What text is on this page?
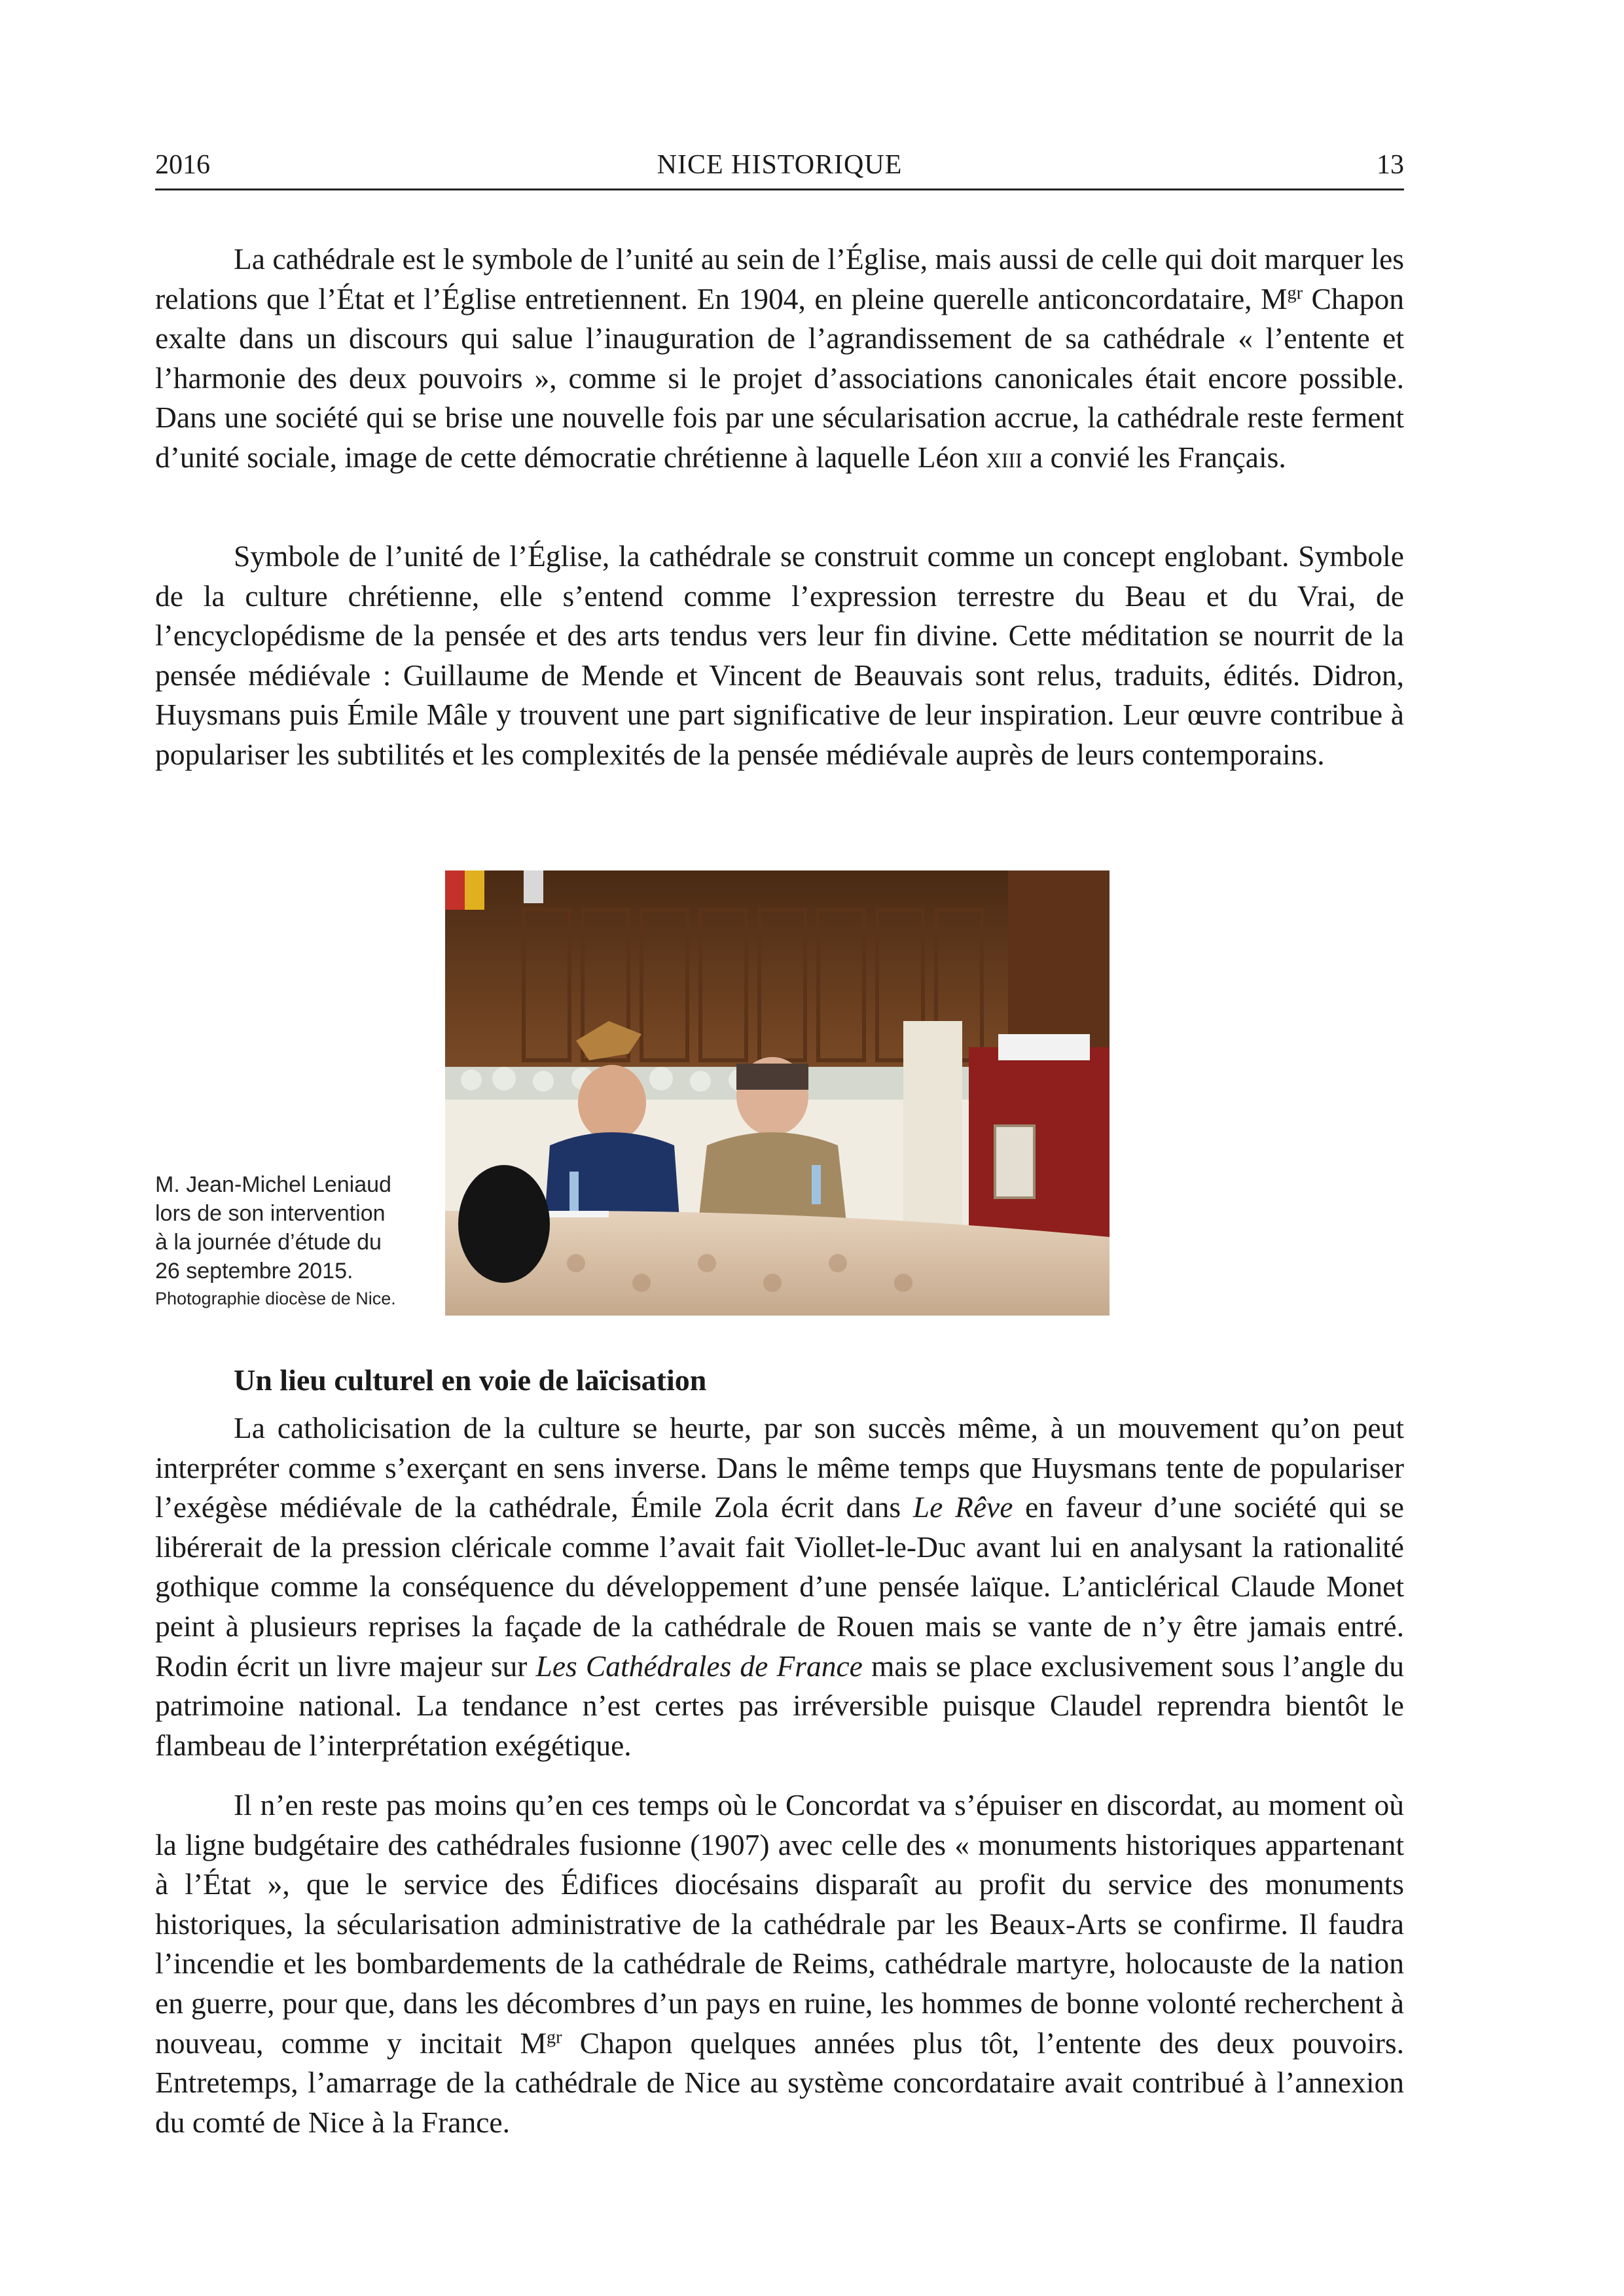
NICE HISTORIQUE
2016	13

La cathédrale est le symbole de l’unité au sein de l’Église, mais aussi de celle qui doit marquer les relations que l’État et l’Église entretiennent. En 1904, en pleine querelle anticoncordataire, $M^{gr}$ Chapon exalte dans un discours qui salue l’inauguration de l’agrandissement de sa cathédrale « l’entente et l’harmonie des deux pouvoirs », comme si le projet d’associations canonicales était encore possible. Dans une société qui se brise une nouvelle fois par une sécularisation accrue, la cathédrale reste ferment d’unité sociale, image de cette démocratie chrétienne à laquelle Léon xiii a convié les Français.

Symbole de l’unité de l’Église, la cathédrale se construit comme un concept englobant. Symbole de la culture chrétienne, elle s’entend comme l’expression terrestre du Beau et du Vrai, de l’encyclopédisme de la pensée et des arts tendus vers leur fin divine. Cette méditation se nourrit de la pensée médiévale : Guillaume de Mende et Vincent de Beauvais sont relus, traduits, édités. Didron, Huysmans puis Émile Mâle y trouvent une part significative de leur inspiration. Leur œuvre contribue à populariser les subtilités et les complexités de la pensée médiévale auprès de leurs contemporains.

M. Jean-Michel Leniaud
lors de son intervention
à la journée d’étude du
26 septembre 2015.
Photographie diocèse de Nice.
Un lieu culturel en voie de laïcisation

La catholicisation de la culture se heurte, par son succès même, à un mouvement qu’on peut interpréter comme s’exerçant en sens inverse. Dans le même temps que Huysmans tente de populariser l’exégèse médiévale de la cathédrale, Émile Zola écrit dans Le Rêve en faveur d’une société qui se libérerait de la pression cléricale comme l’avait fait Viollet-le-Duc avant lui en analysant la rationalité gothique comme la conséquence du développement d’une pensée laïque. L’anticlérical Claude Monet peint à plusieurs reprises la façade de la cathédrale de Rouen mais se vante de n’y être jamais entré. Rodin écrit un livre majeur sur Les Cathédrales de France mais se place exclusivement sous l’angle du patrimoine national. La tendance n’est certes pas irréversible puisque Claudel reprendra bientôt le flambeau de l’interprétation exégétique.

Il n’en reste pas moins qu’en ces temps où le Concordat va s’épuiser en discordat, au moment où la ligne budgétaire des cathédrales fusionne (1907) avec celle des « monuments historiques appartenant à l’État », que le service des Édifices diocésains disparaît au profit du service des monuments historiques, la sécularisation administrative de la cathédrale par les Beaux-Arts se confirme. Il faudra l’incendie et les bombardements de la cathédrale de Reims, cathédrale martyre, holocauste de la nation en guerre, pour que, dans les décombres d’un pays en ruine, les hommes de bonne volonté recherchent à nouveau, comme y incitait $M^{gr}$ Chapon quelques années plus tôt, l’entente des deux pouvoirs. Entretemps, l’amarrage de la cathédrale de Nice au système concordataire avait contribué à l’annexion du comté de Nice à la France.
